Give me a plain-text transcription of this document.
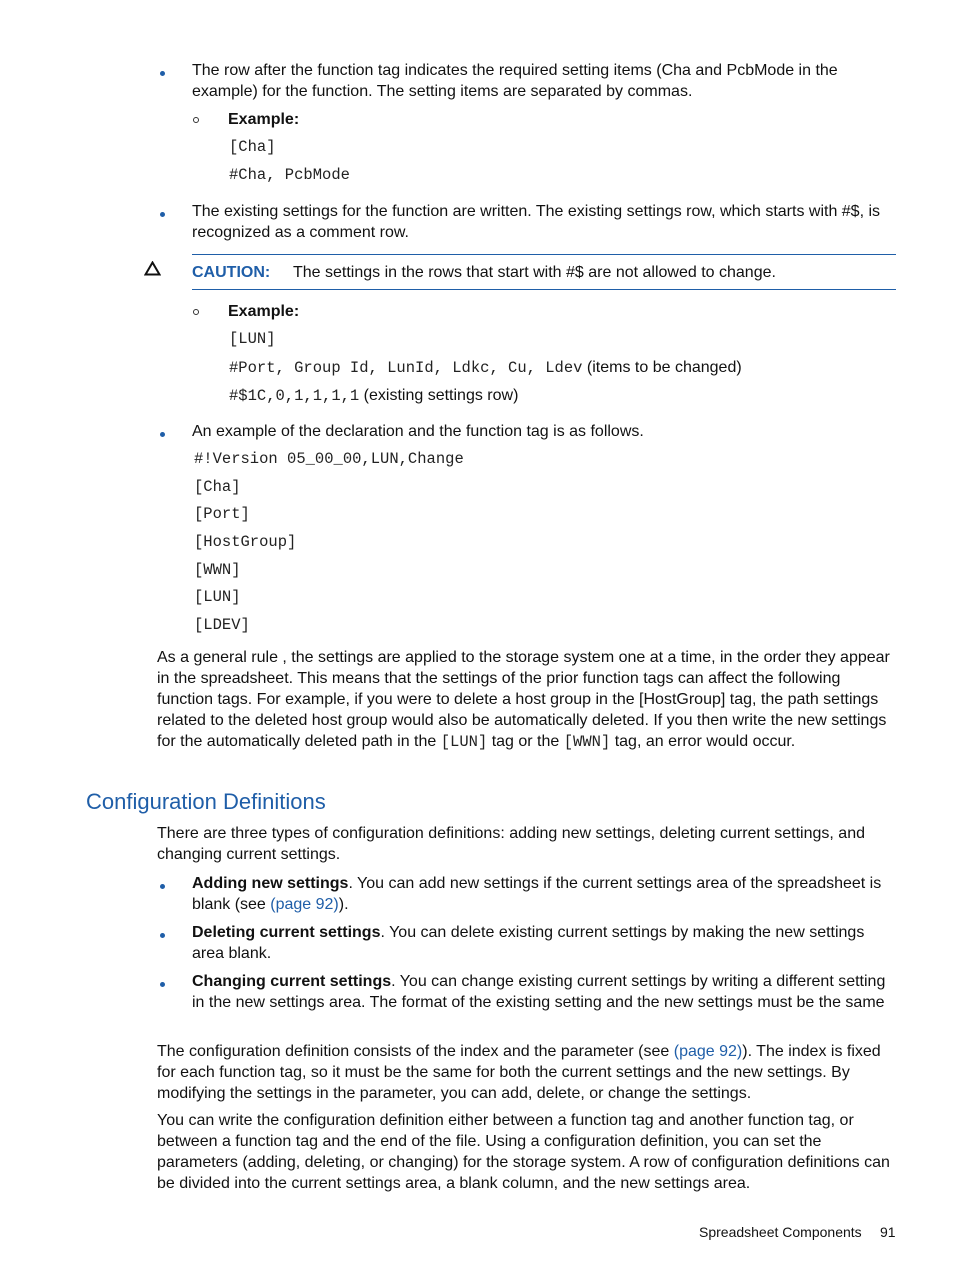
The row after the function tag indicates the required setting items (Cha and PcbMode in the example) for the function. The setting items are separated by commas.

Example:

[Cha]

#Cha, PcbMode

The existing settings for the function are written. The existing settings row, which starts with #$, is recognized as a comment row.

CAUTION: The settings in the rows that start with #$ are not allowed to change.

Example:

[LUN]

#Port, Group Id, LunId, Ldkc, Cu, Ldev (items to be changed)

#$1C,0,1,1,1,1 (existing settings row)

An example of the declaration and the function tag is as follows.

#!Version 05_00_00,LUN,Change

[Cha]

[Port]

[HostGroup]

[WWN]

[LUN]

[LDEV]

As a general rule , the settings are applied to the storage system one at a time, in the order they appear in the spreadsheet. This means that the settings of the prior function tags can affect the following function tags. For example, if you were to delete a host group in the [HostGroup] tag, the path settings related to the deleted host group would also be automatically deleted. If you then write the new settings for the automatically deleted path in the [LUN] tag or the [WWN] tag, an error would occur.

Configuration Definitions

There are three types of configuration definitions: adding new settings, deleting current settings, and changing current settings.

Adding new settings. You can add new settings if the current settings area of the spreadsheet is blank (see (page 92)).

Deleting current settings. You can delete existing current settings by making the new settings area blank.

Changing current settings. You can change existing current settings by writing a different setting in the new settings area. The format of the existing setting and the new settings must be the same

The configuration definition consists of the index and the parameter (see (page 92)). The index is fixed for each function tag, so it must be the same for both the current settings and the new settings. By modifying the settings in the parameter, you can add, delete, or change the settings.

You can write the configuration definition either between a function tag and another function tag, or between a function tag and the end of the file. Using a configuration definition, you can set the parameters (adding, deleting, or changing) for the storage system. A row of configuration definitions can be divided into the current settings area, a blank column, and the new settings area.

Spreadsheet Components 91
